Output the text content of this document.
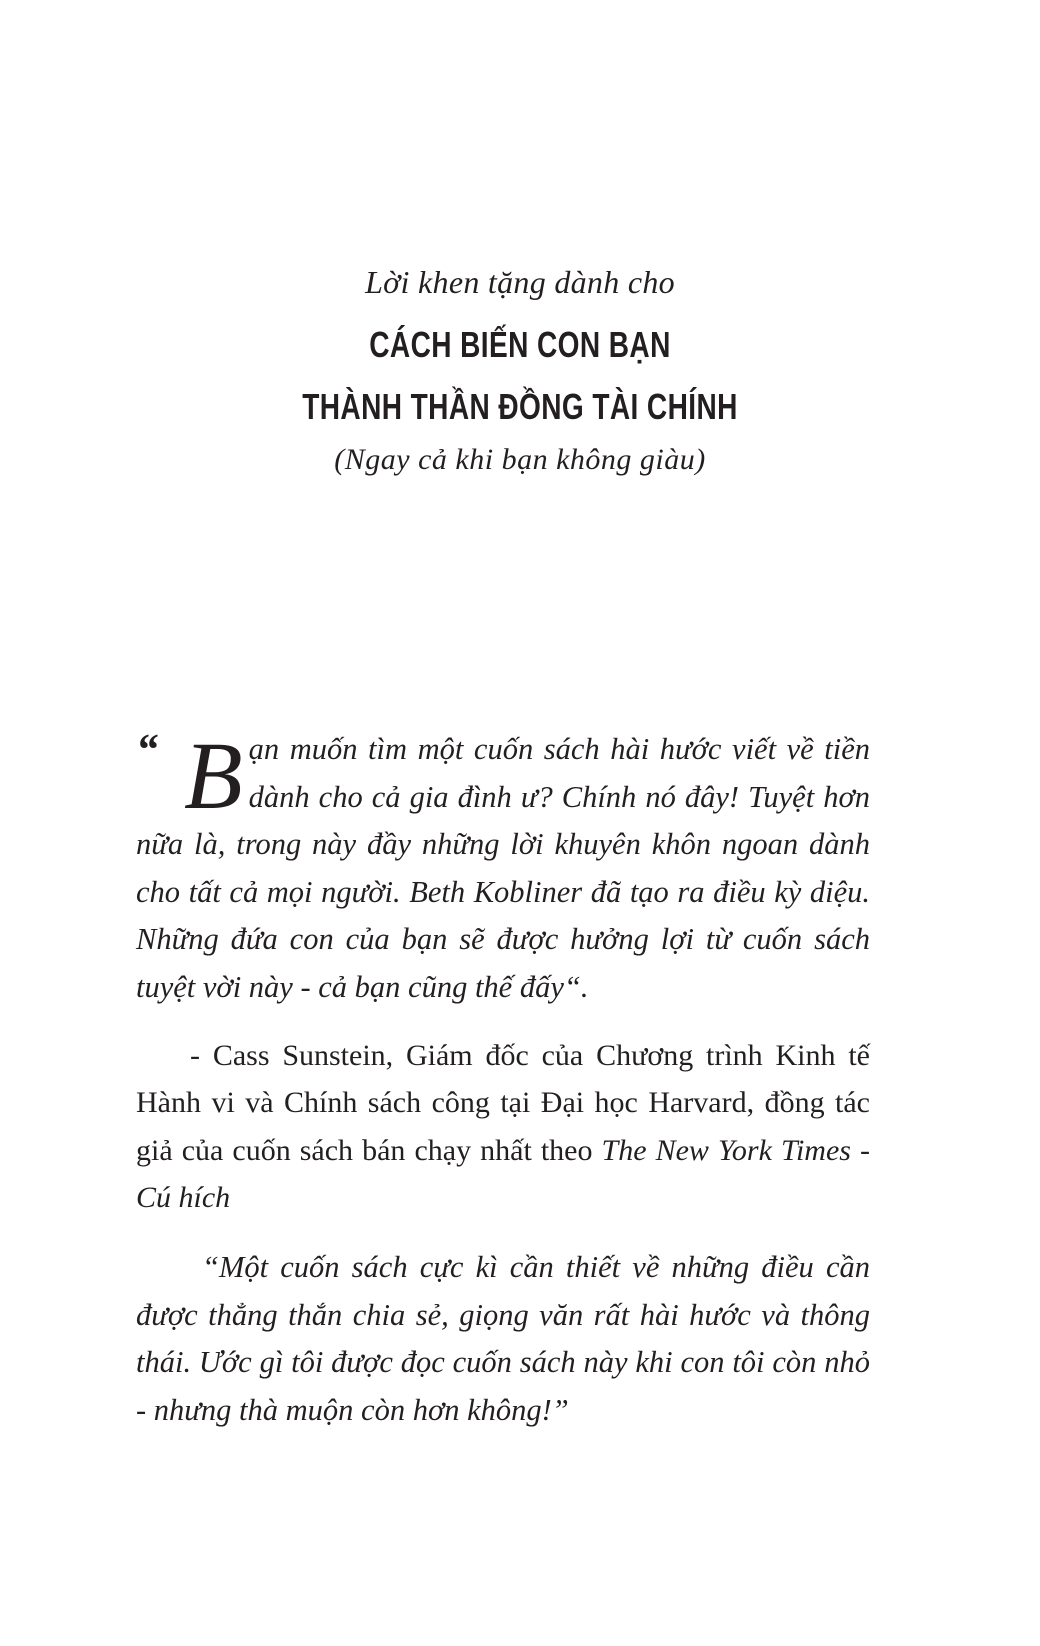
Lời khen tặng dành cho

CÁCH BIẾN CON BẠN
THÀNH THẦN ĐỒNG TÀI CHÍNH

(Ngay cả khi bạn không giàu)

“ B ạn muốn tìm một cuốn sách hài hước viết về tiền dành cho cả gia đình ư? Chính nó đây! Tuyệt hơn nữa là, trong này đầy những lời khuyên khôn ngoan dành cho tất cả mọi người. Beth Kobliner đã tạo ra điều kỳ diệu. Những đứa con của bạn sẽ được hưởng lợi từ cuốn sách tuyệt vời này - cả bạn cũng thế đấy“.

- Cass Sunstein, Giám đốc của Chương trình Kinh tế Hành vi và Chính sách công tại Đại học Harvard, đồng tác giả của cuốn sách bán chạy nhất theo The New York Times - Cú hích

“Một cuốn sách cực kì cần thiết về những điều cần được thẳng thắn chia sẻ, giọng văn rất hài hước và thông thái. Ước gì tôi được đọc cuốn sách này khi con tôi còn nhỏ - nhưng thà muộn còn hơn không!”
